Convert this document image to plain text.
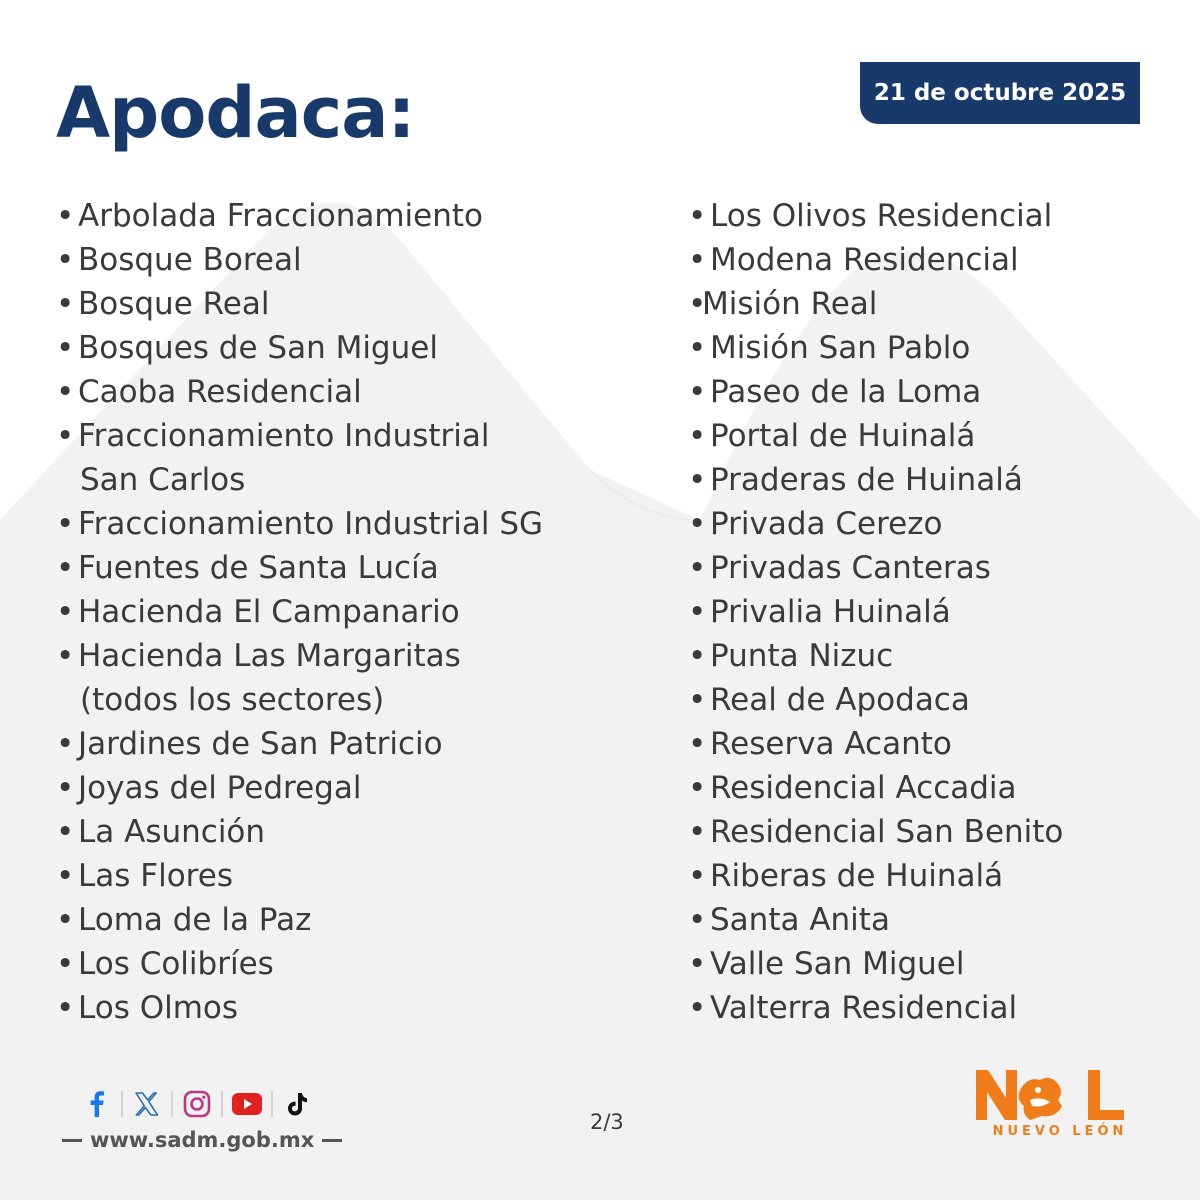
Apodaca:	21 de octubre 2025
• Arbolada Fraccionamiento
• Bosque Boreal
• Bosque Real
• Bosques de San Miguel
• Caoba Residencial
• Fraccionamiento Industrial
San Carlos
• Fraccionamiento Industrial SG
• Fuentes de Santa Lucía
• Hacienda El Campanario
• Hacienda Las Margaritas
(todos los sectores)
• Jardines de San Patricio
• Joyas del Pedregal
• La Asunción
• Las Flores
• Loma de la Paz
• Los Colibríes
• Los Olmos
• Los Olivos Residencial
• Modena Residencial
•Misión Real
• Misión San Pablo
• Paseo de la Loma
• Portal de Huinalá
• Praderas de Huinalá
• Privada Cerezo
• Privadas Canteras
• Privalia Huinalá
• Punta Nizuc
• Real de Apodaca
• Reserva Acanto
• Residencial Accadia
• Residencial San Benito
• Riberas de Huinalá
• Santa Anita
• Valle San Miguel
• Valterra Residencial
www.sadm.gob.mx
2/3	NUEVO LEÓN
